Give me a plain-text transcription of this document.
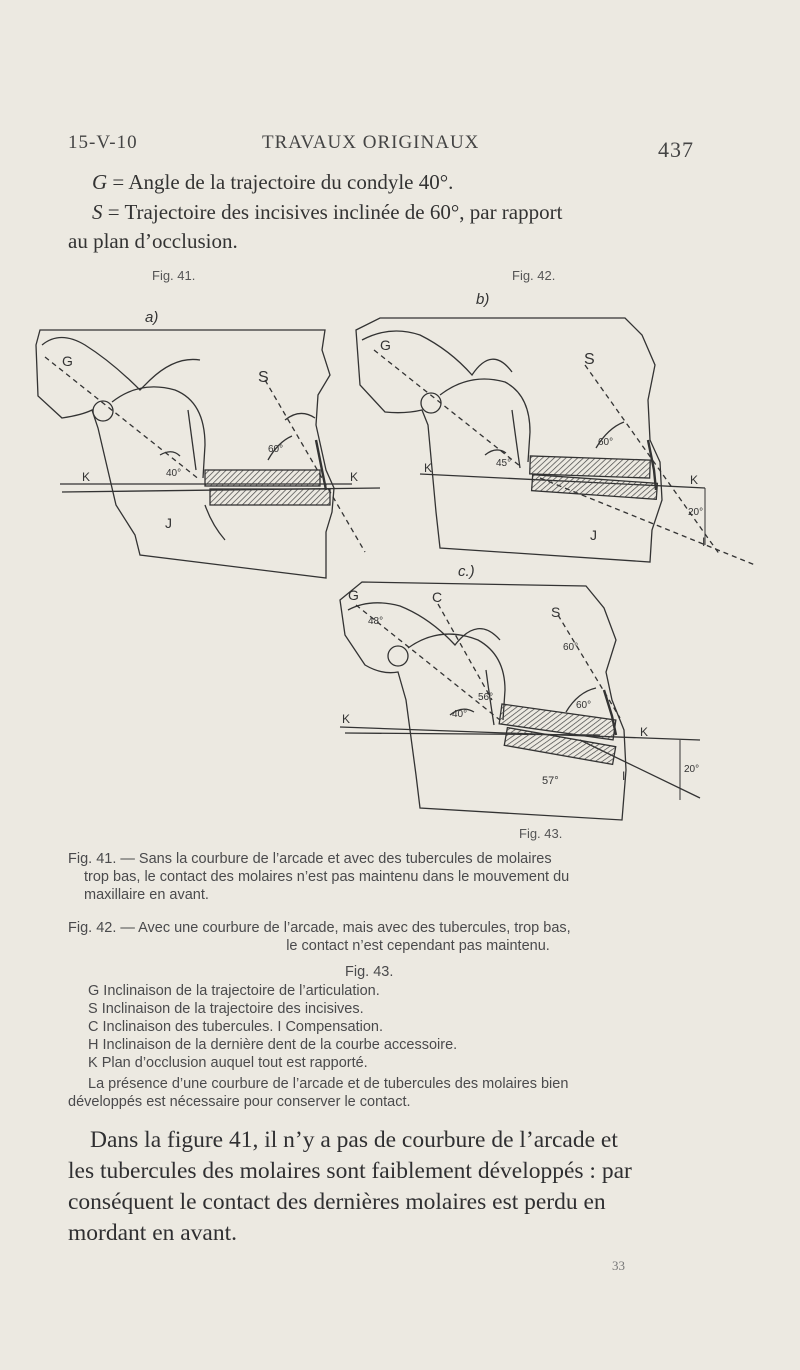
15-V-10	TRAVAUX ORIGINAUX	437
G = Angle de la trajectoire du condyle 40°.
S = Trajectoire des incisives inclinée de 60°, par rapport
au plan d’occlusion.
Fig. 41.	Fig. 42.
a)
G
S
K	K
40°
60°
J
b)
G
S
K
K
45°
60°
20°
I
J
c.)
G	C
S
48°
60°
K
K
40°
56°
60°
20°
57°	I
Fig. 43.
Fig. 41. — Sans la courbure de l’arcade et avec des tubercules de molaires
trop bas, le contact des molaires n’est pas maintenu dans le mouvement du
maxillaire en avant.
Fig. 42. — Avec une courbure de l’arcade, mais avec des tubercules, trop bas,
le contact n’est cependant pas maintenu.
Fig. 43.
G Inclinaison de la trajectoire de l’articulation.
S Inclinaison de la trajectoire des incisives.
C Inclinaison des tubercules. I Compensation.
H Inclinaison de la dernière dent de la courbe accessoire.
K Plan d’occlusion auquel tout est rapporté.
La présence d’une courbure de l’arcade et de tubercules des molaires bien
développés est nécessaire pour conserver le contact.
Dans la figure 41, il n’y a pas de courbure de l’arcade et
les tubercules des molaires sont faiblement développés : par
conséquent le contact des dernières molaires est perdu en
mordant en avant.
33
